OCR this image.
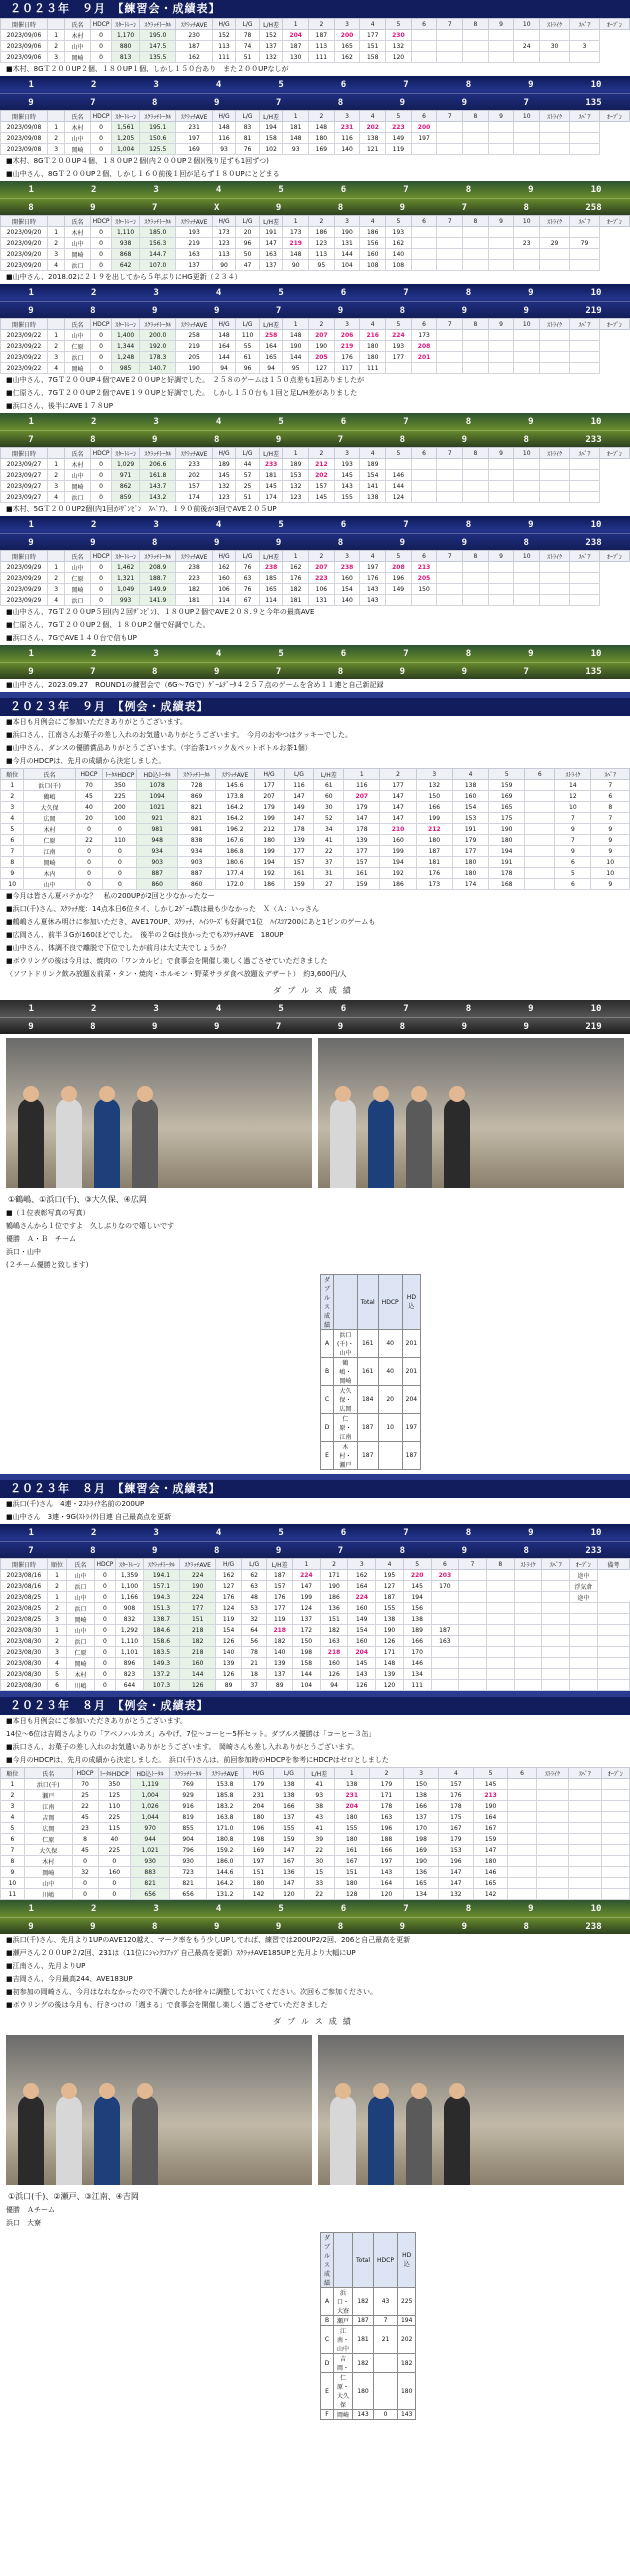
２０２３年　９月　【練習会・成績表】
開催日時		氏名	HDCP	ｽﾀｰﾄﾚｰﾝ	ｽｸﾗｯﾁﾄｰﾀﾙ	ｽｸﾗｯﾁAVE	H/G	L/G	L/H差	1	2	3	4	5	6	7	8	9	10	ｽﾄﾗｲｸ	ｽﾍﾟｱ	ｵｰﾌﾟﾝ
2023/09/06	1	木村	0	1,170	195.0	230	152	78	152	204	187	200	177	230								
2023/09/06	2	山中	0	880	147.5	187	113	74	137	187	113	165	151	132					24	30	3	
2023/09/06	3	岡崎	0	813	135.5	162	111	51	132	130	111	162	158	120								
■木村、8GＴ２００UP２個、１８０UP１個、しかし１５０台あり　また２００UPなしが
1	2	3	4	5	6	7	8	9	10
9	7	8	9	7	8	9	9	7	135
開催日時		氏名	HDCP	ｽﾀｰﾄﾚｰﾝ	ｽｸﾗｯﾁﾄｰﾀﾙ	ｽｸﾗｯﾁAVE	H/G	L/G	L/H差	1	2	3	4	5	6	7	8	9	10	ｽﾄﾗｲｸ	ｽﾍﾟｱ	ｵｰﾌﾟﾝ
2023/09/08	1	木村	0	1,561	195.1	231	148	83	194	181	148	231	202	223	200							
2023/09/08	2	山中	0	1,205	150.6	197	116	81	158	148	180	116	138	149	197							
2023/09/08	3	岡崎	0	1,004	125.5	169	93	76	102	93	169	140	121	119								
■木村、8GＴ２００UP４個、１８０UP２個(内２００UP２個)(残り足ずも1回ずつ)
■山中さん、8GＴ２００UP２個、しかし１６０前後１回が足らず１８０UPにとどまる
1	2	3	4	5	6	7	8	9	10
8	9	7	X	9	8	9	7	8	258
開催日時		氏名	HDCP	ｽﾀｰﾄﾚｰﾝ	ｽｸﾗｯﾁﾄｰﾀﾙ	ｽｸﾗｯﾁAVE	H/G	L/G	L/H差	1	2	3	4	5	6	7	8	9	10	ｽﾄﾗｲｸ	ｽﾍﾟｱ	ｵｰﾌﾟﾝ
2023/09/20	1	木村	0	1,110	185.0	193	173	20	191	173	186	190	186	193								
2023/09/20	2	山中	0	938	156.3	219	123	96	147	219	123	131	156	162					23	29	79	
2023/09/20	3	岡崎	0	868	144.7	163	113	50	163	148	113	144	160	140								
2023/09/20	4	浜口	0	642	107.0	137	90	47	137	90	95	104	108	108								
■山中さん、2018.02に２１９を出してから５年ぶりにHG更新（２３４）
1	2	3	4	5	6	7	8	9	10
9	8	9	9	7	9	8	9	9	219
開催日時		氏名	HDCP	ｽﾀｰﾄﾚｰﾝ	ｽｸﾗｯﾁﾄｰﾀﾙ	ｽｸﾗｯﾁAVE	H/G	L/G	L/H差	1	2	3	4	5	6	7	8	9	10	ｽﾄﾗｲｸ	ｽﾍﾟｱ	ｵｰﾌﾟﾝ
2023/09/22	1	山中	0	1,400	200.0	258	148	110	258	148	207	206	216	224	173							
2023/09/22	2	仁原	0	1,344	192.0	219	164	55	164	190	190	219	180	193	208							
2023/09/22	3	浜口	0	1,248	178.3	205	144	61	165	144	205	176	180	177	201							
2023/09/22	4	岡崎	0	985	140.7	190	94	96	94	95	127	117	111									
■山中さん、7GＴ２００UP４個でAVE２００UPと好調でした。　２５８のゲームは１５０点差も1回ありましたが
■仁原さん、7GＴ２００UP２個でAVE１９０UPと好調でした。　しかし１５０台も１回と足L/H差がありました
■浜口さん、後半にAVE１７８UP
1	2	3	4	5	6	7	8	9	10
7	8	9	8	9	7	8	9	8	233
開催日時		氏名	HDCP	ｽﾀｰﾄﾚｰﾝ	ｽｸﾗｯﾁﾄｰﾀﾙ	ｽｸﾗｯﾁAVE	H/G	L/G	L/H差	1	2	3	4	5	6	7	8	9	10	ｽﾄﾗｲｸ	ｽﾍﾟｱ	ｵｰﾌﾟﾝ
2023/09/27	1	木村	0	1,029	206.6	233	189	44	233	189	212	193	189									
2023/09/27	2	山中	0	971	161.8	202	145	57	181	153	202	145	154	146								
2023/09/27	3	岡崎	0	862	143.7	157	132	25	145	132	157	143	141	144								
2023/09/27	4	浜口	0	859	143.2	174	123	51	174	123	145	155	138	124								
■木村、5GＴ２００UP2個(内1回がｻﾞﾝﾋﾟﾝ　ｽﾍﾟｱ)、１９０前後が3回でAVE２０５UP
1	2	3	4	5	6	7	8	9	10
9	9	8	9	9	8	9	9	8	238
開催日時		氏名	HDCP	ｽﾀｰﾄﾚｰﾝ	ｽｸﾗｯﾁﾄｰﾀﾙ	ｽｸﾗｯﾁAVE	H/G	L/G	L/H差	1	2	3	4	5	6	7	8	9	10	ｽﾄﾗｲｸ	ｽﾍﾟｱ	ｵｰﾌﾟﾝ
2023/09/29	1	山中	0	1,462	208.9	238	162	76	238	162	207	238	197	208	213							
2023/09/29	2	仁原	0	1,321	188.7	223	160	63	185	176	223	160	176	196	205							
2023/09/29	3	岡崎	0	1,049	149.9	182	106	76	165	182	106	154	143	149	150							
2023/09/29	4	浜口	0	993	141.9	181	114	67	114	181	131	140	143									
■山中さん、7GＴ２００UP５回(内２回ｻﾞﾝﾋﾟﾝ)、１８０UP２個でAVE２０８.９と今年の最高AVE
■仁原さん、7GＴ２００UP２個、１８０UP２個で好調でした。
■浜口さん、7GでAVE１４０台で信もUP
1	2	3	4	5	6	7	8	9	10
9	7	8	9	7	8	9	9	7	135
■山中さん、2023.09.27　ROUND1の練習会で（6G～7Gで）ｹﾞｰﾑﾃﾞｰﾀ４２５７点のゲームを含め１１連と自己新記録
２０２３年　９月　【例会・成績表】
■本日も月例会にご参加いただきありがとうございます。
■浜口さん、江南さんお菓子の差し入れのお気遣いありがとうございます。　今月のおやつはクッキーでした。
■山中さん、ダンスの優勝賞品ありがとうございます。（宇治茶1パック＆ペットボトルお茶1個）
■今月のHDCPは、先月の成績から決定しました。
順位	氏名	HDCP	ﾄｰﾀﾙHDCP	HD込ﾄｰﾀﾙ	ｽｸﾗｯﾁﾄｰﾀﾙ	ｽｸﾗｯﾁAVE	H/G	L/G	L/H差	1	2	3	4	5	6	ｽﾄﾗｲｸ	ｽﾍﾟｱ
1	浜口(千)	70	350	1078	728	145.6	177	116	61	116	177	132	138	159		14	7
2	鶴嶋	45	225	1094	869	173.8	207	147	60	207	147	150	160	169		12	6
3	大久保	40	200	1021	821	164.2	179	149	30	179	147	166	154	165		10	8
4	広岡	20	100	921	821	164.2	199	147	52	147	147	199	153	175		7	7
5	木村	0	0	981	981	196.2	212	178	34	178	210	212	191	190		9	9
6	仁原	22	110	948	838	167.6	180	139	41	139	160	180	179	180		7	9
7	江南	0	0	934	934	186.8	199	177	22	177	199	187	177	194		9	9
8	岡崎	0	0	903	903	180.6	194	157	37	157	194	181	180	191		6	10
9	木内	0	0	887	887	177.4	192	161	31	161	192	176	180	178		5	10
10	山中	0	0	860	860	172.0	186	159	27	159	186	173	174	168		6	9
■今月は皆さん夏バテかな？　私の200UPが2回と少なかったなー
■浜口(千)さん、ｽｸﾗｯﾁ度：14点本日6位タイ、しかし2ｹﾞｰﾑ数は最も少なかった　Ｘ（Ａ：いっさん
■鶴嶋さん夏休み明けに参加いただき、AVE170UP、ｽｸﾗｯﾁ、ﾊｲｼﾘｰｽﾞも好調で1位　ﾊｲｽｺｱ200にあと1ピンのゲームも
■広岡さん、前半３Gが160ほどでした。　後半の２Gは良かったでもｽｸﾗｯﾁAVE　180UP
■山中さん、体調不良で離脱で下位でしたが前月は大丈夫でしょうか？
■ボウリングの後は今月は、焼肉の「ワンカルビ」で食事会を開催し楽しく過ごさせていただきました
（ソフトドリンク飲み放題＆前菜・タン・焼肉・ホルモン・野菜サラダ食べ放題＆デザート）　約3,600円/人
ダブルス成績
1	2	3	4	5	6	7	8	9	10
9	8	9	9	7	9	8	9	9	219
①鶴嶋、①浜口(千)、③大久保、④広岡
■（１位表彰写真の写真）
鶴嶋さんから１位ですよ　久しぶりなので嬉しいです
優勝　Ａ・Ｂ　チーム
浜口・山中
(２チーム優勝と致します)
ダブルス成績		Total	HDCP	HD込
A	浜口(千)・山中	161	40	201
B	鶴嶋・岡崎	161	40	201
C	大久保・広岡	184	20	204
D	仁原・江南	187	10	197
E	木村・瀬戸	187		187
２０２３年　８月　【練習会・成績表】
■浜口(千)さん　4連・2ｽﾄﾗｲｸ名前の200UP
■山中さん　3連・9G(ｽﾄﾗｲｸ)目連 自己最高点を更新
1	2	3	4	5	6	7	8	9	10
7	8	9	8	9	7	8	9	8	233
開催日時	順位	氏名	HDCP	ｽﾀｰﾄﾚｰﾝ	ｽｸﾗｯﾁﾄｰﾀﾙ	ｽｸﾗｯﾁAVE	H/G	L/G	L/H差	1	2	3	4	5	6	7	8	ｽﾄﾗｲｸ	ｽﾍﾟｱ	ｵｰﾌﾟﾝ	備考
2023/08/16	1	山中	0	1,359	194.1	224	162	62	187	224	171	162	195	220	203					途中	
2023/08/16	2	浜口	0	1,100	157.1	190	127	63	157	147	190	164	127	145	170					浮気倉	
2023/08/25	1	山中	0	1,166	194.3	224	176	48	176	199	186	224	187	194						途中	
2023/08/25	2	浜口	0	908	151.3	177	124	53	177	124	136	160	155	156							
2023/08/25	3	岡崎	0	832	138.7	151	119	32	119	137	151	149	138	138							
2023/08/30	1	山中	0	1,292	184.6	218	154	64	218	172	182	154	190	189	187						
2023/08/30	2	浜口	0	1,110	158.6	182	126	56	182	150	163	160	126	166	163						
2023/08/30	3	仁原	0	1,101	183.5	218	140	78	140	198	218	204	171	170							
2023/08/30	4	岡崎	0	896	149.3	160	139	21	139	158	160	145	148	146							
2023/08/30	5	木村	0	823	137.2	144	126	18	137	144	126	143	139	134							
2023/08/30	6	川嶋	0	644	107.3	126	89	37	89	104	94	126	120	111							
２０２３年　８月　【例会・成績表】
■本日も月例会にご参加いただきありがとうございます。
14位～6位は吉岡さんよりの「アベノハルカス」みやげ、7位～コーヒー5杯セット。ダブルス優勝は「コーヒー３缶」
■浜口さん、お菓子の差し入れのお気遣いありがとうございます。　岡崎さんも差し入れありがとうございます。
■今月のHDCPは、先月の成績から決定しました。　浜口(千)さんは、前回参加時のHDCPを参考にHDCPはゼロとしました
順位	氏名	HDCP	ﾄｰﾀﾙHDCP	HD込ﾄｰﾀﾙ	ｽｸﾗｯﾁﾄｰﾀﾙ	ｽｸﾗｯﾁAVE	H/G	L/G	L/H差	1	2	3	4	5	6	ｽﾄﾗｲｸ	ｽﾍﾟｱ	ｵｰﾌﾟﾝ
1	浜口(千)	70	350	1,119	769	153.8	179	138	41	138	179	150	157	145				
2	瀬戸	25	125	1,004	929	185.8	231	138	93	231	171	138	176	213				
3	江南	22	110	1,026	916	183.2	204	166	38	204	178	166	178	190				
4	吉岡	45	225	1,044	819	163.8	180	137	43	180	163	137	175	164				
5	広岡	23	115	970	855	171.0	196	155	41	155	196	170	167	167				
6	仁原	8	40	944	904	180.8	198	159	39	180	188	198	179	159				
7	大久保	45	225	1,021	796	159.2	169	147	22	161	166	169	153	147				
8	木村	0	0	930	930	186.0	197	167	30	167	197	190	196	180				
9	岡崎	32	160	883	723	144.6	151	136	15	151	143	136	147	146				
10	山中	0	0	821	821	164.2	180	147	33	180	164	165	147	165				
11	川嶋	0	0	656	656	131.2	142	120	22	128	120	134	132	142				
1	2	3	4	5	6	7	8	9	10
9	9	8	9	9	8	9	9	8	238
■浜口(千)さん、先月より1UPのAVE120越え、マーク率をもう少しUPしてれば、練習では200UP2/2回、206と自己最高を更新
■瀬戸さん２００UP２/2回、231は（11位にｼｬﾝｸｺｱｯﾌﾟ自己最高を更新）ｽｸﾗｯﾁAVE185UPと先月より大幅にUP
■江南さん、先月よりUP
■吉岡さん、今月最高244、AVE183UP
■初参加の岡崎さん、今月はなれなかったので不調でしたが徐々に調整しておいてください。次回もご参加ください。
■ボウリングの後は今月も、行きつけの「週まる」で食事会を開催し楽しく過ごさせていただきました
ダブルス成績
①浜口(千)、②瀬戸、③江南、④吉岡
優勝　Ａチーム
浜口　大寮
ダブルス成績		Total	HDCP	HD込
A	浜口・大寮	182	43	225
B	瀬戸	187	7	194
C	江南・山中	181	21	202
D	吉岡・	182		182
E	仁原・大久保	180		180
F	岡崎	143	0	143
